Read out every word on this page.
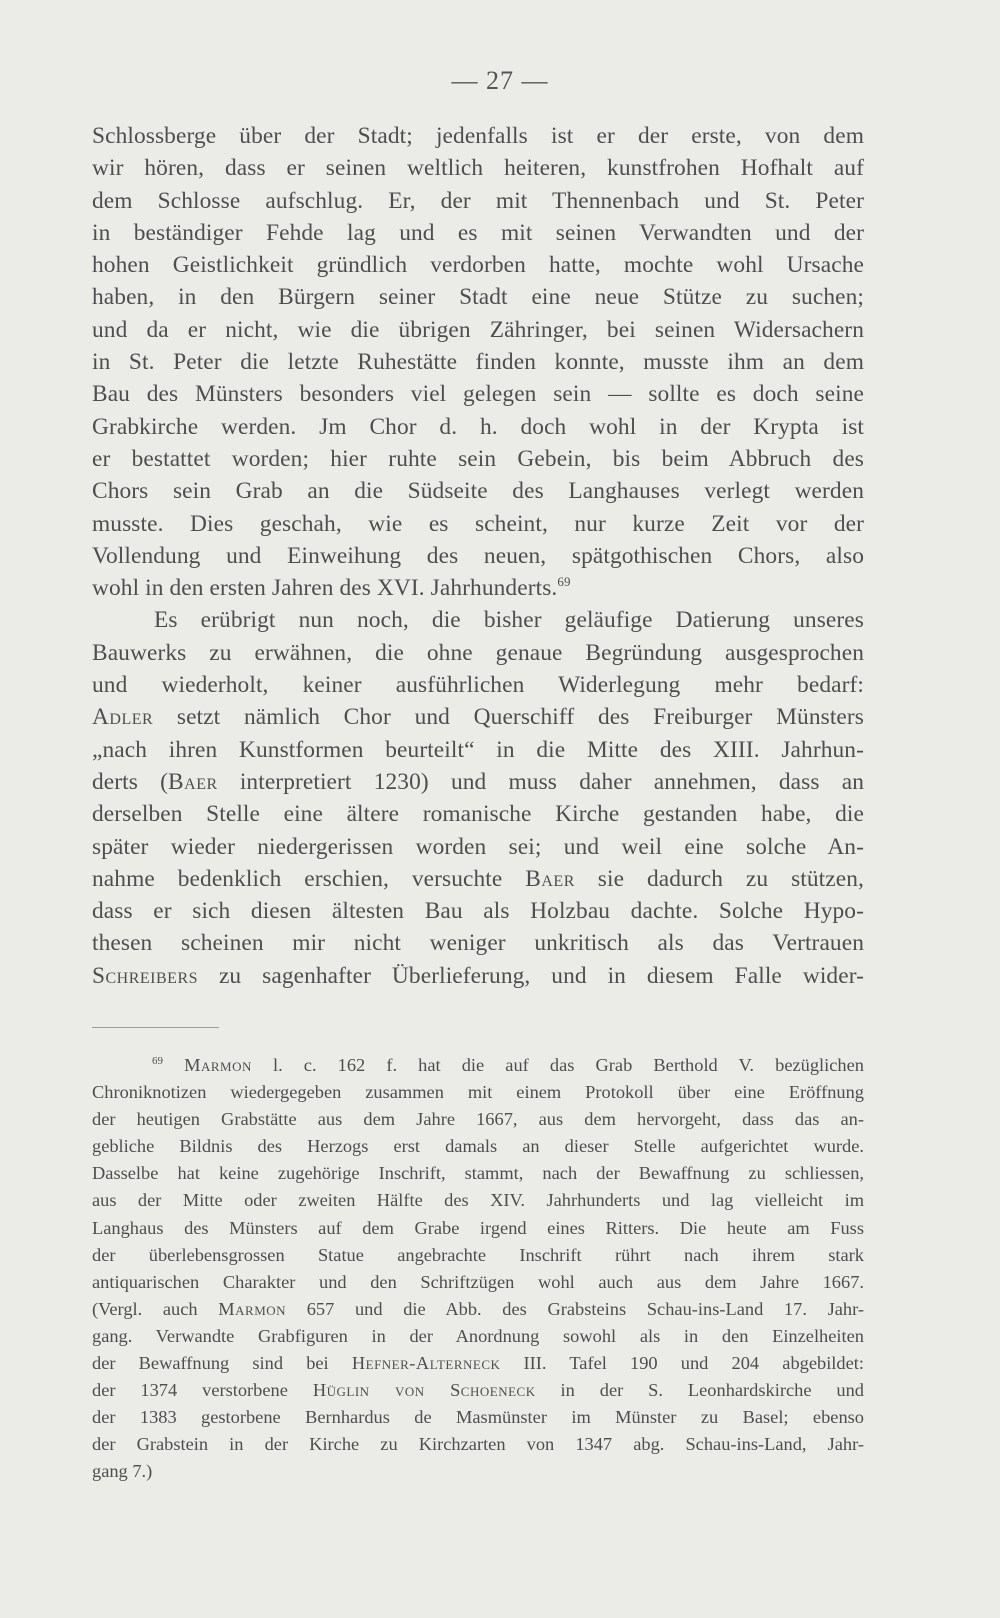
— 27 —
Schlossberge über der Stadt; jedenfalls ist er der erste, von dem
wir hören, dass er seinen weltlich heiteren, kunstfrohen Hofhalt auf
dem Schlosse aufschlug. Er, der mit Thennenbach und St. Peter
in beständiger Fehde lag und es mit seinen Verwandten und der
hohen Geistlichkeit gründlich verdorben hatte, mochte wohl Ursache
haben, in den Bürgern seiner Stadt eine neue Stütze zu suchen;
und da er nicht, wie die übrigen Zähringer, bei seinen Widersachern
in St. Peter die letzte Ruhestätte finden konnte, musste ihm an dem
Bau des Münsters besonders viel gelegen sein — sollte es doch seine
Grabkirche werden. Jm Chor d. h. doch wohl in der Krypta ist
er bestattet worden; hier ruhte sein Gebein, bis beim Abbruch des
Chors sein Grab an die Südseite des Langhauses verlegt werden
musste. Dies geschah, wie es scheint, nur kurze Zeit vor der
Vollendung und Einweihung des neuen, spätgothischen Chors, also
wohl in den ersten Jahren des XVI. Jahrhunderts.$^{69}$
Es erübrigt nun noch, die bisher geläufige Datierung unseres
Bauwerks zu erwähnen, die ohne genaue Begründung ausgesprochen
und wiederholt, keiner ausführlichen Widerlegung mehr bedarf:
Adler setzt nämlich Chor und Querschiff des Freiburger Münsters
„nach ihren Kunstformen beurteilt“ in die Mitte des XIII. Jahrhun-
derts (Baer interpretiert 1230) und muss daher annehmen, dass an
derselben Stelle eine ältere romanische Kirche gestanden habe, die
später wieder niedergerissen worden sei; und weil eine solche An-
nahme bedenklich erschien, versuchte Baer sie dadurch zu stützen,
dass er sich diesen ältesten Bau als Holzbau dachte. Solche Hypo-
thesen scheinen mir nicht weniger unkritisch als das Vertrauen
Schreibers zu sagenhafter Überlieferung, und in diesem Falle wider-
$^{69}$ Marmon l. c. 162 f. hat die auf das Grab Berthold V. bezüglichen
Chroniknotizen wiedergegeben zusammen mit einem Protokoll über eine Eröffnung
der heutigen Grabstätte aus dem Jahre 1667, aus dem hervorgeht, dass das an-
gebliche Bildnis des Herzogs erst damals an dieser Stelle aufgerichtet wurde.
Dasselbe hat keine zugehörige Inschrift, stammt, nach der Bewaffnung zu schliessen,
aus der Mitte oder zweiten Hälfte des XIV. Jahrhunderts und lag vielleicht im
Langhaus des Münsters auf dem Grabe irgend eines Ritters. Die heute am Fuss
der überlebensgrossen Statue angebrachte Inschrift rührt nach ihrem stark
antiquarischen Charakter und den Schriftzügen wohl auch aus dem Jahre 1667.
(Vergl. auch Marmon 657 und die Abb. des Grabsteins Schau-ins-Land 17. Jahr-
gang. Verwandte Grabfiguren in der Anordnung sowohl als in den Einzelheiten
der Bewaffnung sind bei Hefner-Alterneck III. Tafel 190 und 204 abgebildet:
der 1374 verstorbene Hüglin von Schoeneck in der S. Leonhardskirche und
der 1383 gestorbene Bernhardus de Masmünster im Münster zu Basel; ebenso
der Grabstein in der Kirche zu Kirchzarten von 1347 abg. Schau-ins-Land, Jahr-
gang 7.)
